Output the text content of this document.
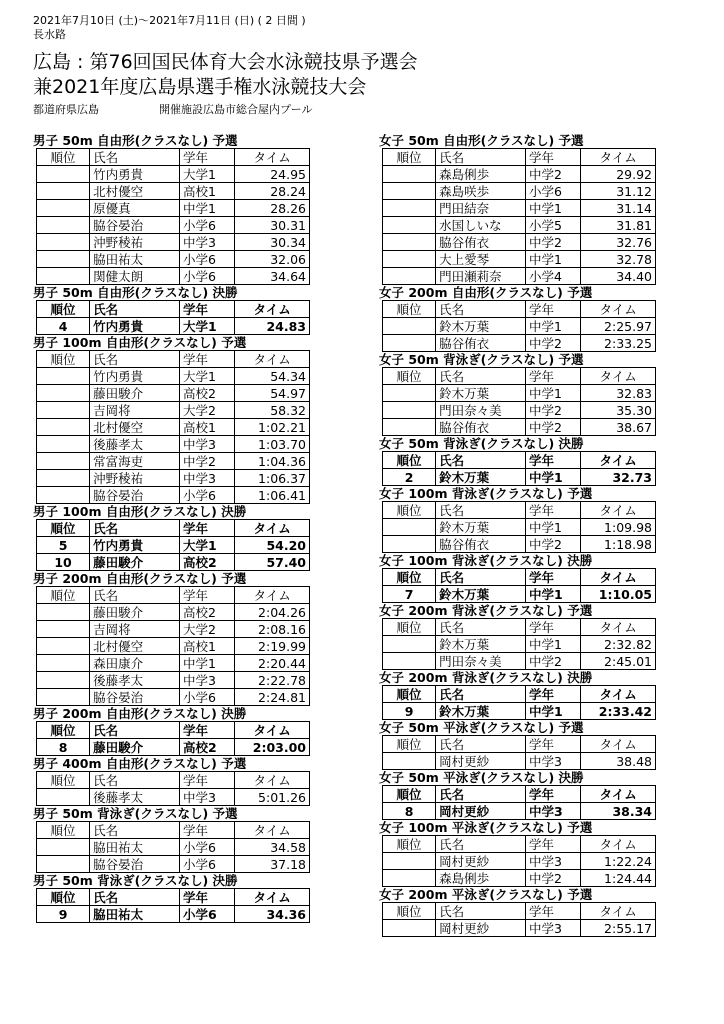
2021年7月10日 (土)〜2021年7月11日 (日) ( 2 日間 )
長水路
広島 : 第76回国民体育大会水泳競技県予選会
兼2021年度広島県選手権水泳競技大会
都道府県広島	開催施設広島市総合屋内プール
男子 50m 自由形(クラスなし) 予選
順位	氏名	学年	タイム
	竹内勇貴	大学1	24.95
	北村優空	高校1	28.24
	原優真	中学1	28.26
	脇谷晏治	小学6	30.31
	沖野稜祐	中学3	30.34
	脇田祐太	小学6	32.06
	関健太朗	小学6	34.64
男子 50m 自由形(クラスなし) 決勝
順位	氏名	学年	タイム
4	竹内勇貴	大学1	24.83
男子 100m 自由形(クラスなし) 予選
順位	氏名	学年	タイム
	竹内勇貴	大学1	54.34
	藤田駿介	高校2	54.97
	吉岡将	大学2	58.32
	北村優空	高校1	1:02.21
	後藤孝太	中学3	1:03.70
	常富海吏	中学2	1:04.36
	沖野稜祐	中学3	1:06.37
	脇谷晏治	小学6	1:06.41
男子 100m 自由形(クラスなし) 決勝
順位	氏名	学年	タイム
5	竹内勇貴	大学1	54.20
10	藤田駿介	高校2	57.40
男子 200m 自由形(クラスなし) 予選
順位	氏名	学年	タイム
	藤田駿介	高校2	2:04.26
	吉岡将	大学2	2:08.16
	北村優空	高校1	2:19.99
	森田康介	中学1	2:20.44
	後藤孝太	中学3	2:22.78
	脇谷晏治	小学6	2:24.81
男子 200m 自由形(クラスなし) 決勝
順位	氏名	学年	タイム
8	藤田駿介	高校2	2:03.00
男子 400m 自由形(クラスなし) 予選
順位	氏名	学年	タイム
	後藤孝太	中学3	5:01.26
男子 50m 背泳ぎ(クラスなし) 予選
順位	氏名	学年	タイム
	脇田祐太	小学6	34.58
	脇谷晏治	小学6	37.18
男子 50m 背泳ぎ(クラスなし) 決勝
順位	氏名	学年	タイム
9	脇田祐太	小学6	34.36
女子 50m 自由形(クラスなし) 予選
順位	氏名	学年	タイム
	森島俐歩	中学2	29.92
	森島咲歩	小学6	31.12
	門田結奈	中学1	31.14
	水国しいな	小学5	31.81
	脇谷侑衣	中学2	32.76
	大上愛琴	中学1	32.78
	門田瀬莉奈	小学4	34.40
女子 200m 自由形(クラスなし) 予選
順位	氏名	学年	タイム
	鈴木万葉	中学1	2:25.97
	脇谷侑衣	中学2	2:33.25
女子 50m 背泳ぎ(クラスなし) 予選
順位	氏名	学年	タイム
	鈴木万葉	中学1	32.83
	門田奈々美	中学2	35.30
	脇谷侑衣	中学2	38.67
女子 50m 背泳ぎ(クラスなし) 決勝
順位	氏名	学年	タイム
2	鈴木万葉	中学1	32.73
女子 100m 背泳ぎ(クラスなし) 予選
順位	氏名	学年	タイム
	鈴木万葉	中学1	1:09.98
	脇谷侑衣	中学2	1:18.98
女子 100m 背泳ぎ(クラスなし) 決勝
順位	氏名	学年	タイム
7	鈴木万葉	中学1	1:10.05
女子 200m 背泳ぎ(クラスなし) 予選
順位	氏名	学年	タイム
	鈴木万葉	中学1	2:32.82
	門田奈々美	中学2	2:45.01
女子 200m 背泳ぎ(クラスなし) 決勝
順位	氏名	学年	タイム
9	鈴木万葉	中学1	2:33.42
女子 50m 平泳ぎ(クラスなし) 予選
順位	氏名	学年	タイム
	岡村更紗	中学3	38.48
女子 50m 平泳ぎ(クラスなし) 決勝
順位	氏名	学年	タイム
8	岡村更紗	中学3	38.34
女子 100m 平泳ぎ(クラスなし) 予選
順位	氏名	学年	タイム
	岡村更紗	中学3	1:22.24
	森島俐歩	中学2	1:24.44
女子 200m 平泳ぎ(クラスなし) 予選
順位	氏名	学年	タイム
	岡村更紗	中学3	2:55.17
